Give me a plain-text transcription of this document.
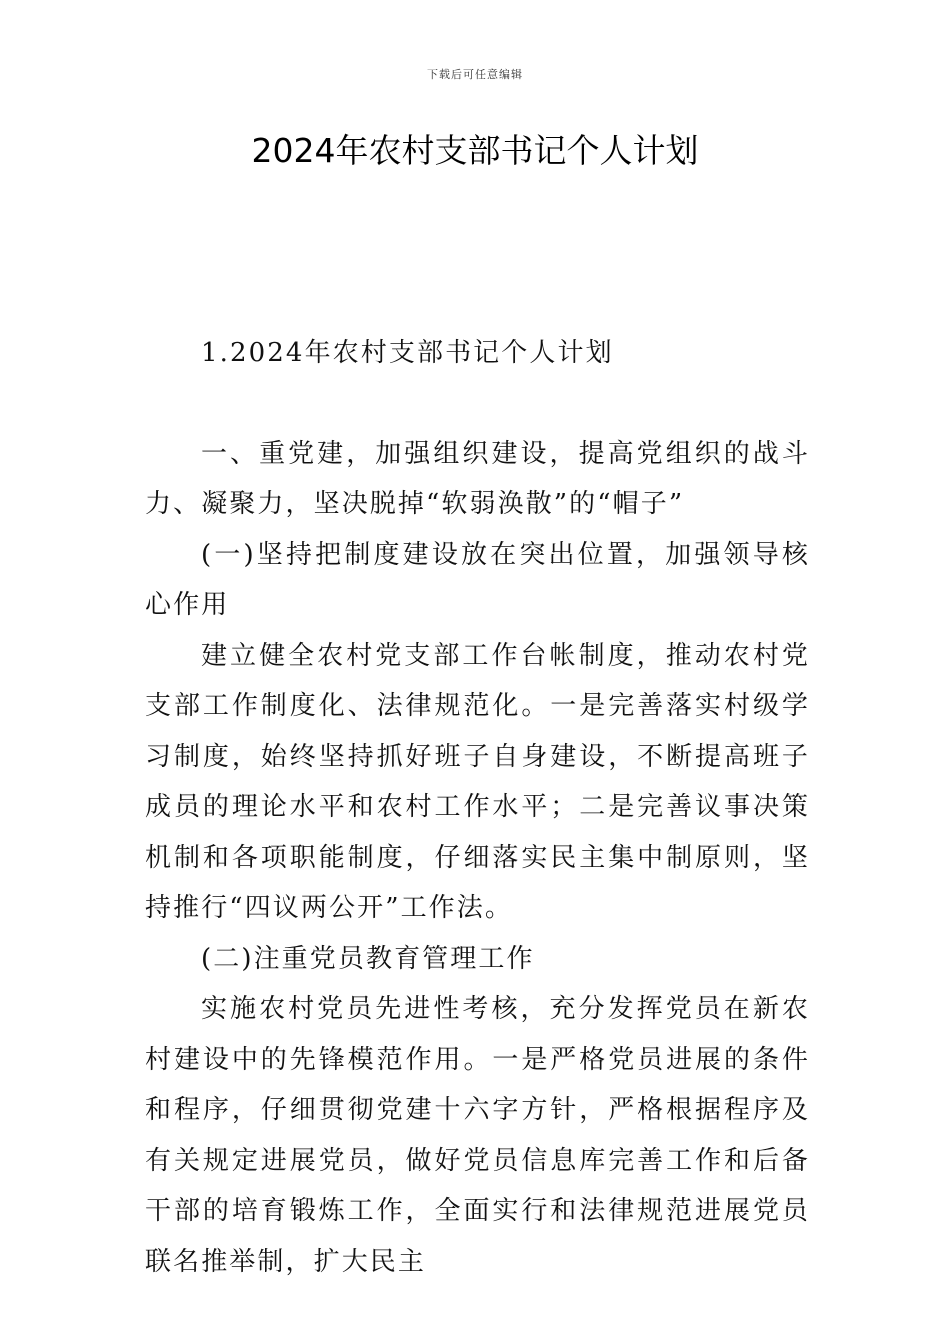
下载后可任意编辑
2024年农村支部书记个人计划

1.2024年农村支部书记个人计划

一、重党建，加强组织建设，提高党组织的战斗力、凝聚力，坚决脱掉“软弱涣散”的“帽子”

(一)坚持把制度建设放在突出位置，加强领导核心作用

建立健全农村党支部工作台帐制度，推动农村党支部工作制度化、法律规范化。一是完善落实村级学习制度，始终坚持抓好班子自身建设，不断提高班子成员的理论水平和农村工作水平；二是完善议事决策机制和各项职能制度，仔细落实民主集中制原则，坚持推行“四议两公开”工作法。

(二)注重党员教育管理工作

实施农村党员先进性考核，充分发挥党员在新农村建设中的先锋模范作用。一是严格党员进展的条件和程序，仔细贯彻党建十六字方针，严格根据程序及有关规定进展党员，做好党员信息库完善工作和后备干部的培育锻炼工作，全面实行和法律规范进展党员联名推举制，扩大民主
